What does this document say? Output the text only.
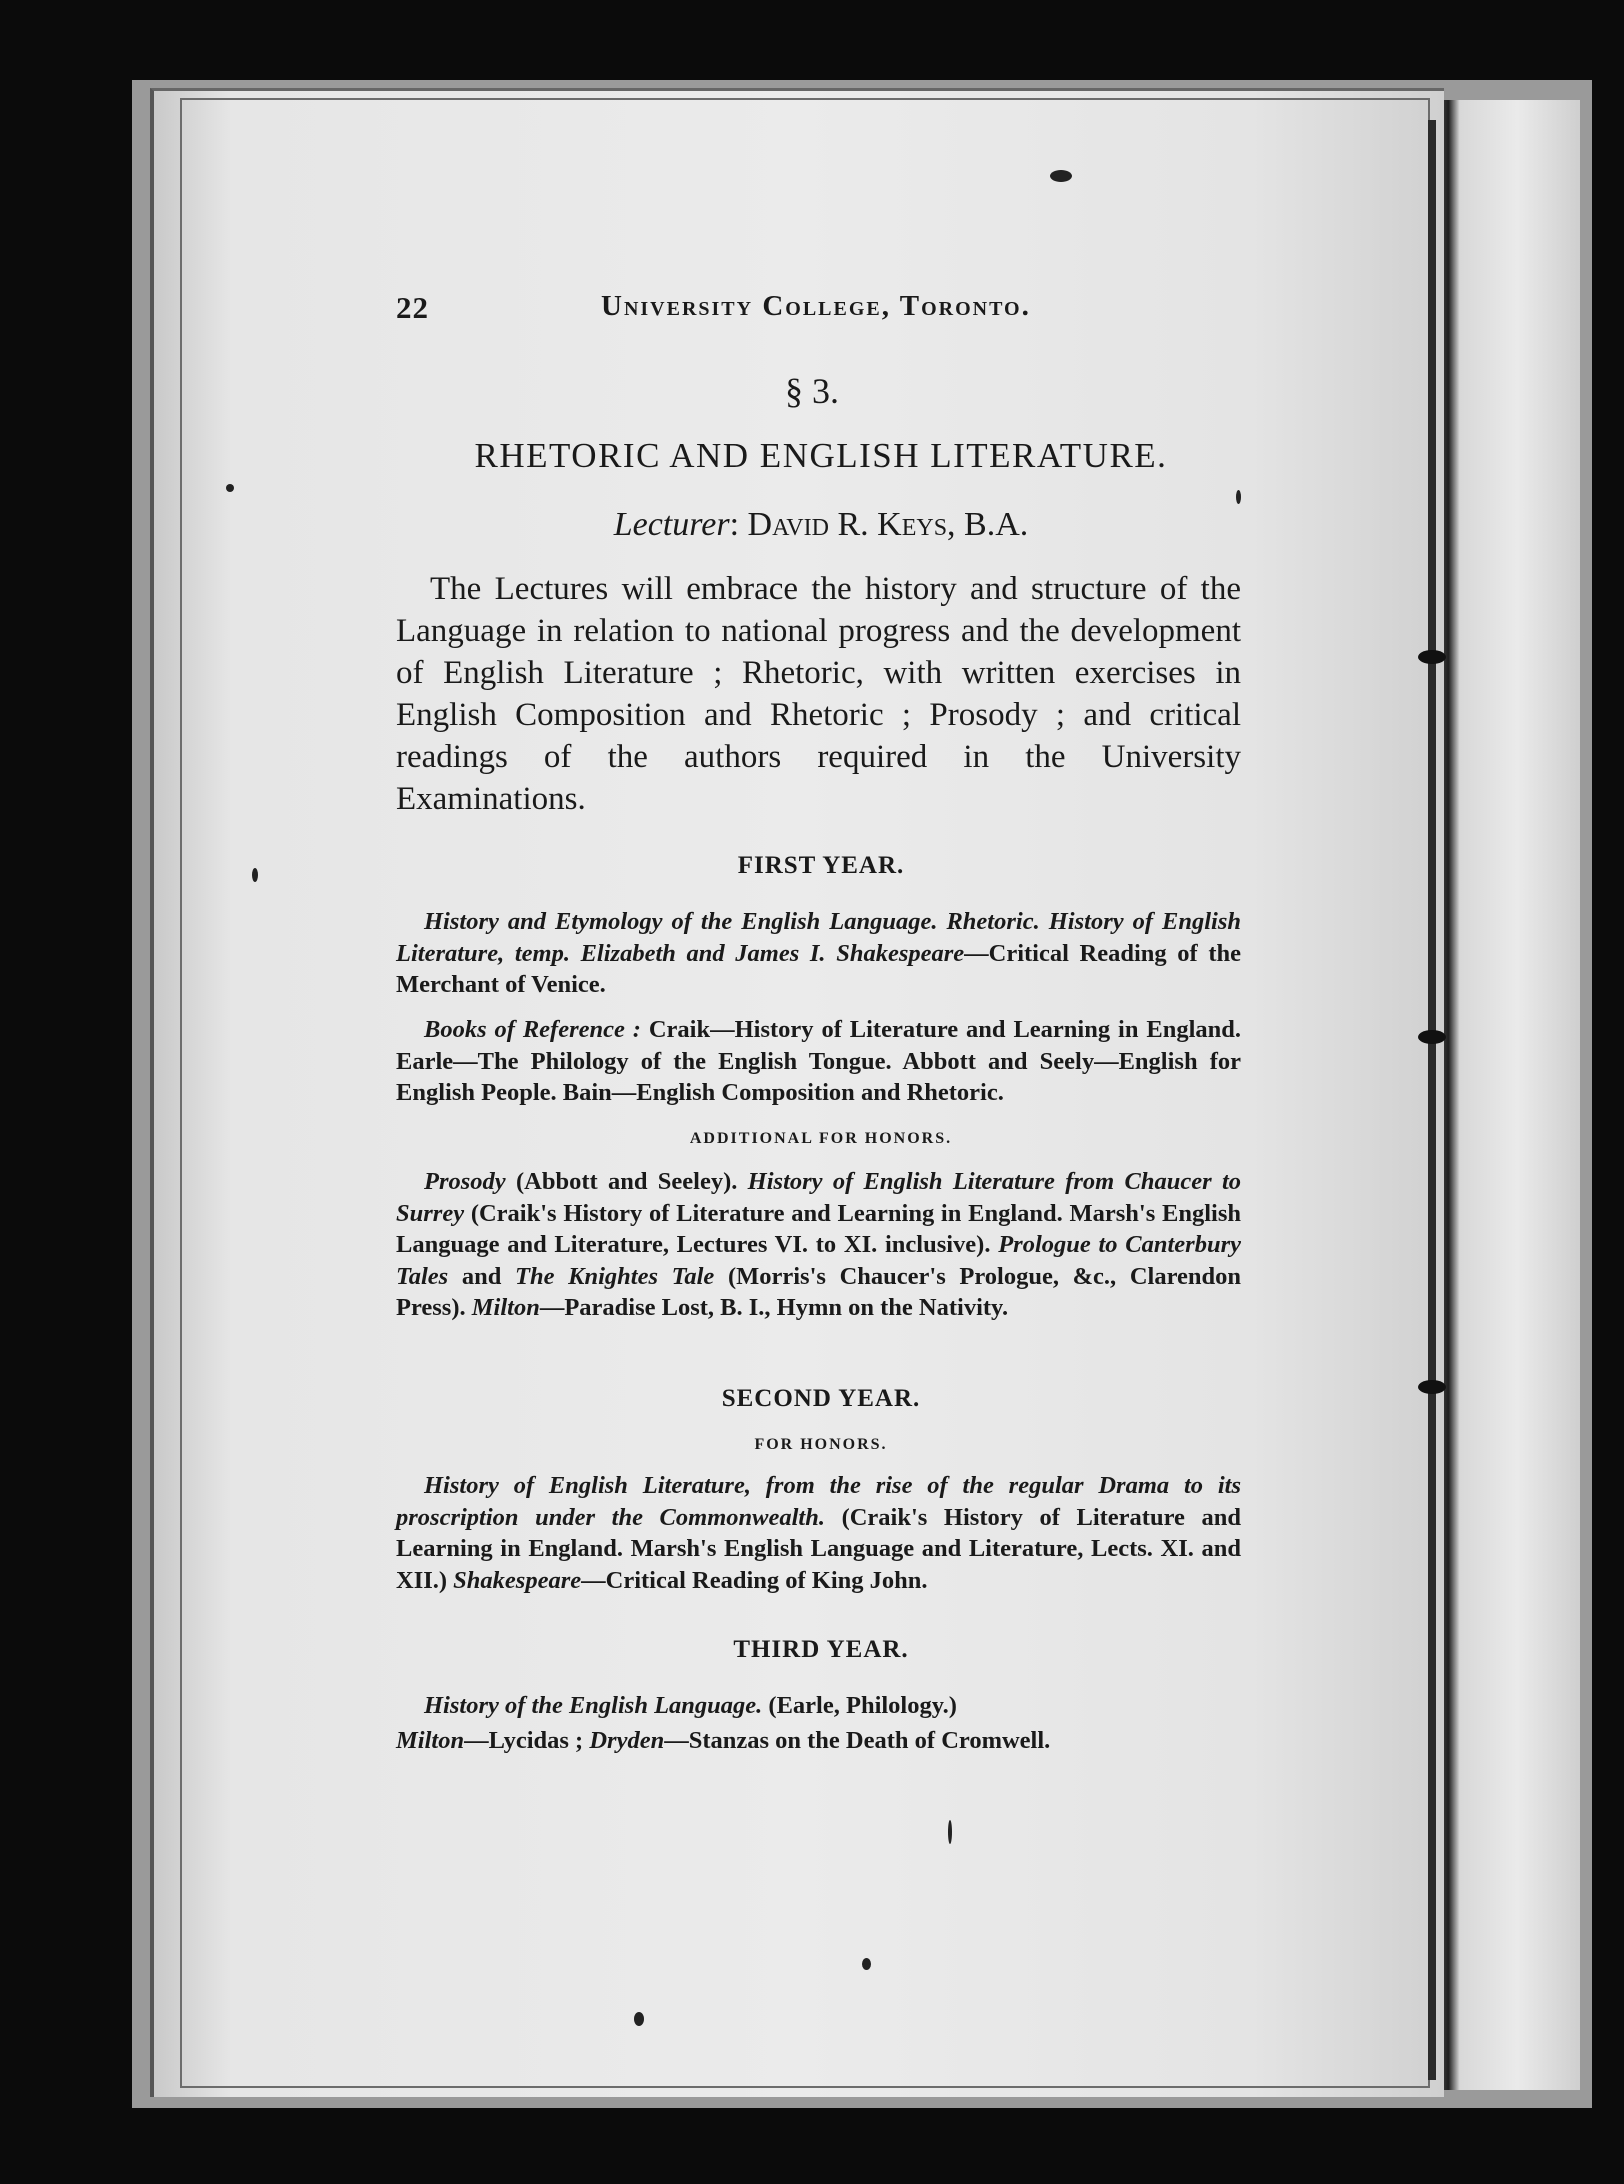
22	University College, Toronto.
§ 3.
RHETORIC AND ENGLISH LITERATURE.
Lecturer: David R. Keys, B.A.
The Lectures will embrace the history and structure of the Language in relation to national progress and the development of English Literature ; Rhetoric, with written exercises in English Composition and Rhetoric ; Prosody ; and critical readings of the authors required in the University Examinations.
FIRST YEAR.
History and Etymology of the English Language. Rhetoric. History of English Literature, temp. Elizabeth and James I. Shakespeare—Critical Reading of the Merchant of Venice.
Books of Reference : Craik—History of Literature and Learning in England. Earle—The Philology of the English Tongue. Abbott and Seely—English for English People. Bain—English Composition and Rhetoric.
ADDITIONAL FOR HONORS.
Prosody (Abbott and Seeley). History of English Literature from Chaucer to Surrey (Craik's History of Literature and Learning in England. Marsh's English Language and Literature, Lectures VI. to XI. inclusive). Prologue to Canterbury Tales and The Knightes Tale (Morris's Chaucer's Prologue, &c., Clarendon Press). Milton—Paradise Lost, B. I., Hymn on the Nativity.
SECOND YEAR.
FOR HONORS.
History of English Literature, from the rise of the regular Drama to its proscription under the Commonwealth. (Craik's History of Literature and Learning in England. Marsh's English Language and Literature, Lects. XI. and XII.) Shakespeare—Critical Reading of King John.
THIRD YEAR.
History of the English Language. (Earle, Philology.)
Milton—Lycidas ; Dryden—Stanzas on the Death of Cromwell.
